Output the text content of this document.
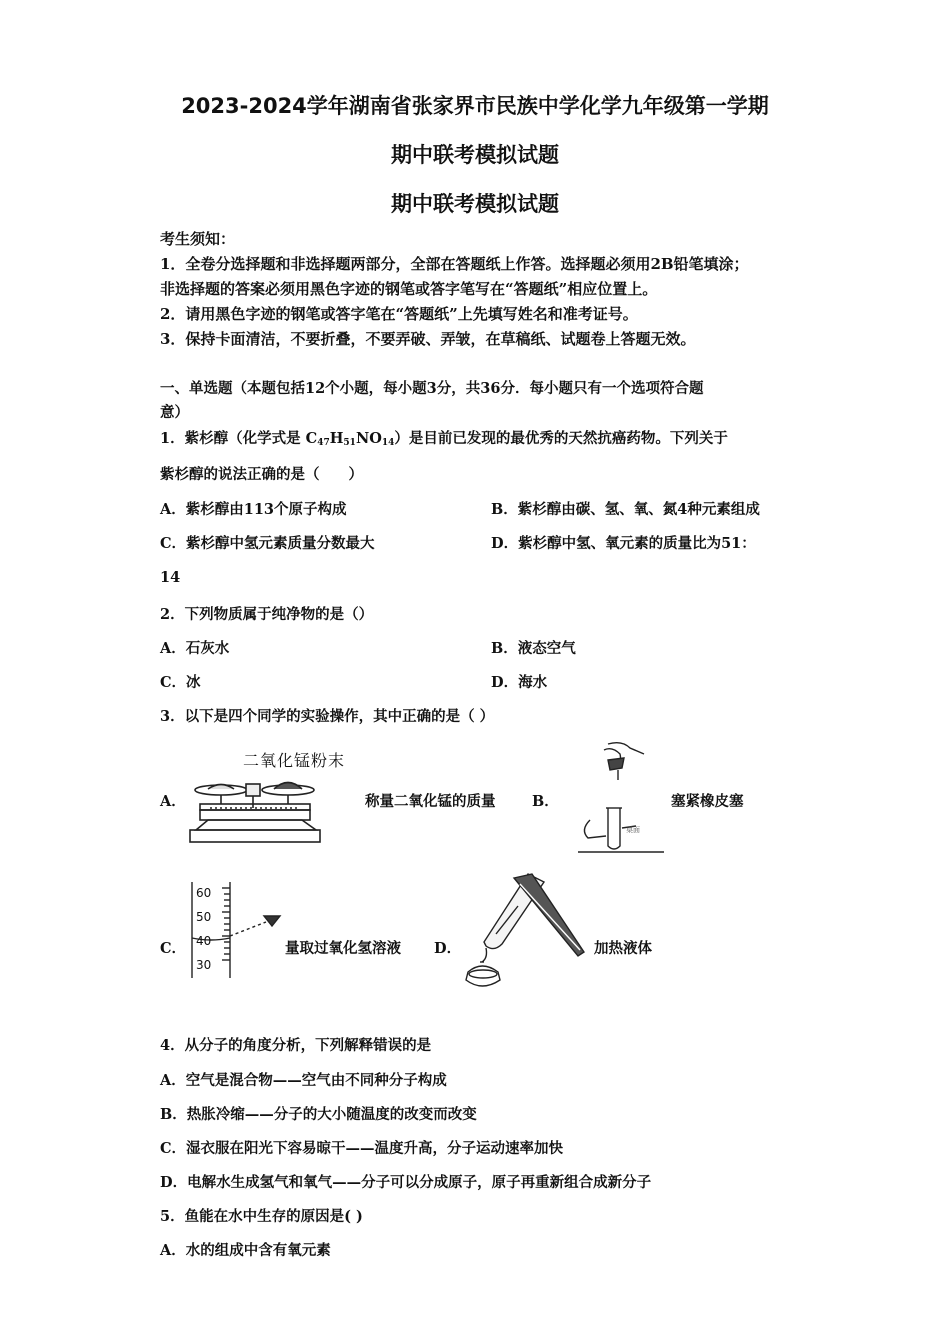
2023-2024学年湖南省张家界市民族中学化学九年级第一学期
期中联考模拟试题
期中联考模拟试题
考生须知：
1．全卷分选择题和非选择题两部分，全部在答题纸上作答。选择题必须用2B铅笔填涂；
非选择题的答案必须用黑色字迹的钢笔或答字笔写在“答题纸”相应位置上。
2．请用黑色字迹的钢笔或答字笔在“答题纸”上先填写姓名和准考证号。
3．保持卡面清洁，不要折叠，不要弄破、弄皱，在草稿纸、试题卷上答题无效。
一、单选题（本题包括12个小题，每小题3分，共36分．每小题只有一个选项符合题
意）
1．紫杉醇（化学式是 $C_{47}H_{51}NO_{14}$）是目前已发现的最优秀的天然抗癌药物。下列关于
紫杉醇的说法正确的是（　　）
A．紫杉醇由113个原子构成	B．紫杉醇由碳、氢、氧、氮4种元素组成
C．紫杉醇中氢元素质量分数最大	D．紫杉醇中氢、氧元素的质量比为51：
14
2．下列物质属于纯净物的是（）
A．石灰水	B．液态空气
C．冰	D．海水
3．以下是四个同学的实验操作，其中正确的是（ ）
二氧化锰粉末
A．	称量二氧化锰的质量	B．
桌面
塞紧橡皮塞
60
50
40
30
C．	量取过氧化氢溶液 D．	加热液体
4．从分子的角度分析，下列解释错误的是
A．空气是混合物——空气由不同种分子构成
B．热胀冷缩——分子的大小随温度的改变而改变
C．湿衣服在阳光下容易晾干——温度升高，分子运动速率加快
D．电解水生成氢气和氧气——分子可以分成原子，原子再重新组合成新分子
5．鱼能在水中生存的原因是( )
A．水的组成中含有氧元素
